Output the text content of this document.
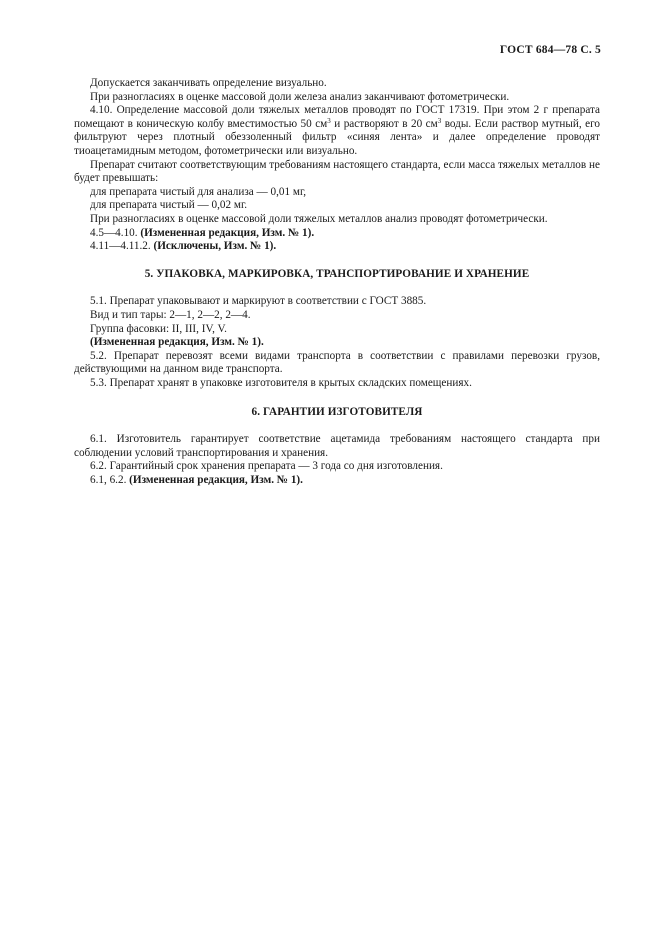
ГОСТ 684—78 С. 5

Допускается заканчивать определение визуально.

При разногласиях в оценке массовой доли железа анализ заканчивают фотометрически.

4.10. Определение массовой доли тяжелых металлов проводят по ГОСТ 17319. При этом 2 г препарата помещают в коническую колбу вместимостью 50 $см^3$ и растворяют в 20 $см^3$ воды. Если раствор мутный, его фильтруют через плотный обеззоленный фильтр «синяя лента» и далее определение проводят тиоацетамидным методом, фотометрически или визуально.

Препарат считают соответствующим требованиям настоящего стандарта, если масса тяжелых металлов не будет превышать:

для препарата чистый для анализа — 0,01 мг,

для препарата чистый — 0,02 мг.

При разногласиях в оценке массовой доли тяжелых металлов анализ проводят фотометрически.

4.5—4.10. (Измененная редакция, Изм. № 1).

4.11—4.11.2. (Исключены, Изм. № 1).

5. УПАКОВКА, МАРКИРОВКА, ТРАНСПОРТИРОВАНИЕ И ХРАНЕНИЕ

5.1. Препарат упаковывают и маркируют в соответствии с ГОСТ 3885.

Вид и тип тары: 2—1, 2—2, 2—4.

Группа фасовки: II, III, IV, V.

(Измененная редакция, Изм. № 1).

5.2. Препарат перевозят всеми видами транспорта в соответствии с правилами перевозки грузов, действующими на данном виде транспорта.

5.3. Препарат хранят в упаковке изготовителя в крытых складских помещениях.

6. ГАРАНТИИ ИЗГОТОВИТЕЛЯ

6.1. Изготовитель гарантирует соответствие ацетамида требованиям настоящего стандарта при соблюдении условий транспортирования и хранения.

6.2. Гарантийный срок хранения препарата — 3 года со дня изготовления.

6.1, 6.2. (Измененная редакция, Изм. № 1).
